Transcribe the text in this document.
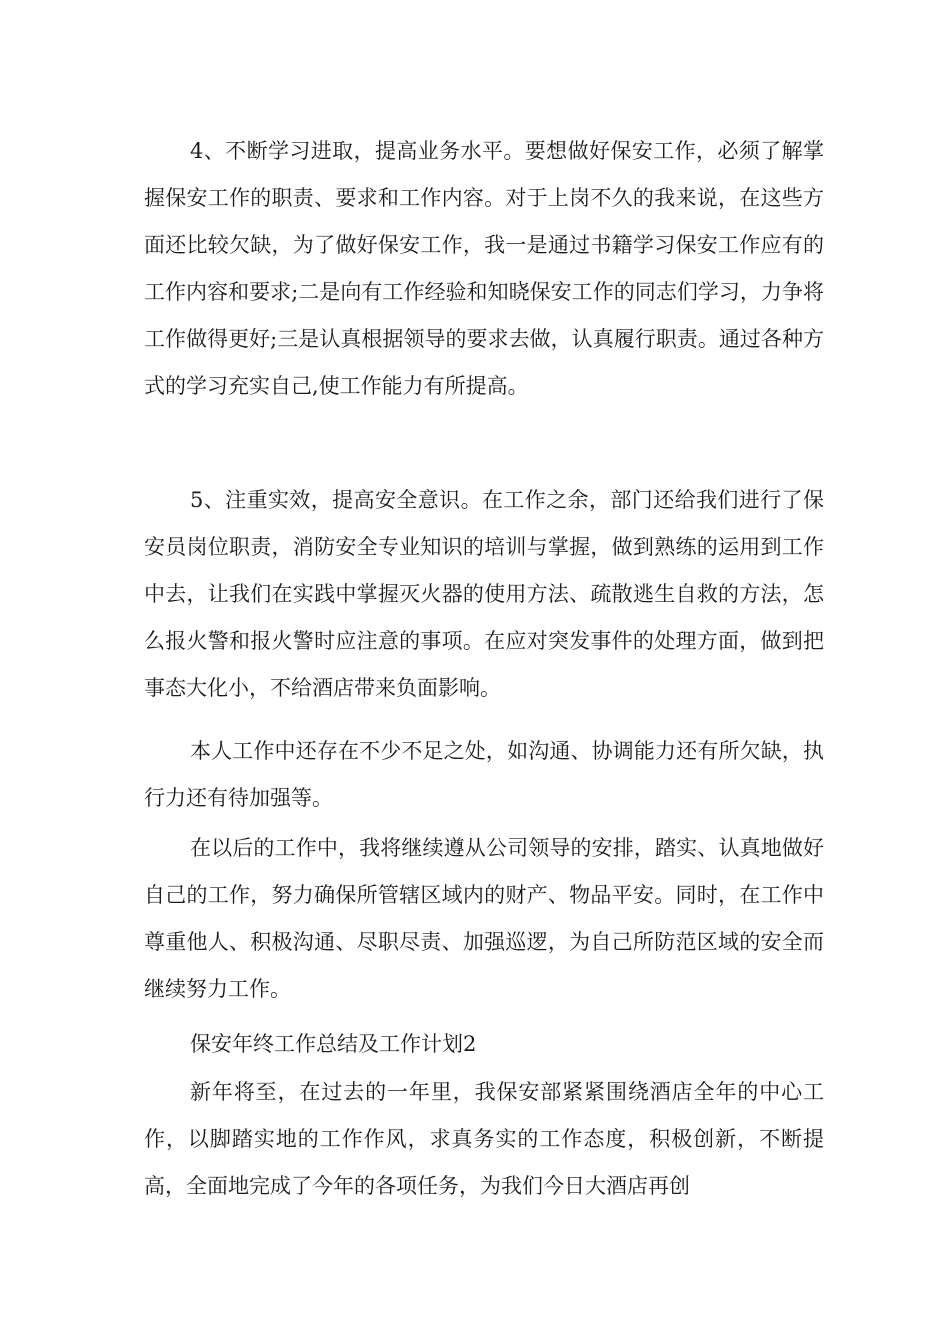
4、不断学习进取，提高业务水平。要想做好保安工作，必须了解掌握保安工作的职责、要求和工作内容。对于上岗不久的我来说，在这些方面还比较欠缺，为了做好保安工作，我一是通过书籍学习保安工作应有的工作内容和要求;二是向有工作经验和知晓保安工作的同志们学习，力争将工作做得更好;三是认真根据领导的要求去做，认真履行职责。通过各种方式的学习充实自己,使工作能力有所提高。

5、注重实效，提高安全意识。在工作之余，部门还给我们进行了保安员岗位职责，消防安全专业知识的培训与掌握，做到熟练的运用到工作中去，让我们在实践中掌握灭火器的使用方法、疏散逃生自救的方法，怎么报火警和报火警时应注意的事项。在应对突发事件的处理方面，做到把事态大化小，不给酒店带来负面影响。

本人工作中还存在不少不足之处，如沟通、协调能力还有所欠缺，执行力还有待加强等。

在以后的工作中，我将继续遵从公司领导的安排，踏实、认真地做好自己的工作，努力确保所管辖区域内的财产、物品平安。同时，在工作中尊重他人、积极沟通、尽职尽责、加强巡逻，为自己所防范区域的安全而继续努力工作。

保安年终工作总结及工作计划2

新年将至，在过去的一年里，我保安部紧紧围绕酒店全年的中心工作，以脚踏实地的工作作风，求真务实的工作态度，积极创新，不断提高，全面地完成了今年的各项任务，为我们今日大酒店再创
